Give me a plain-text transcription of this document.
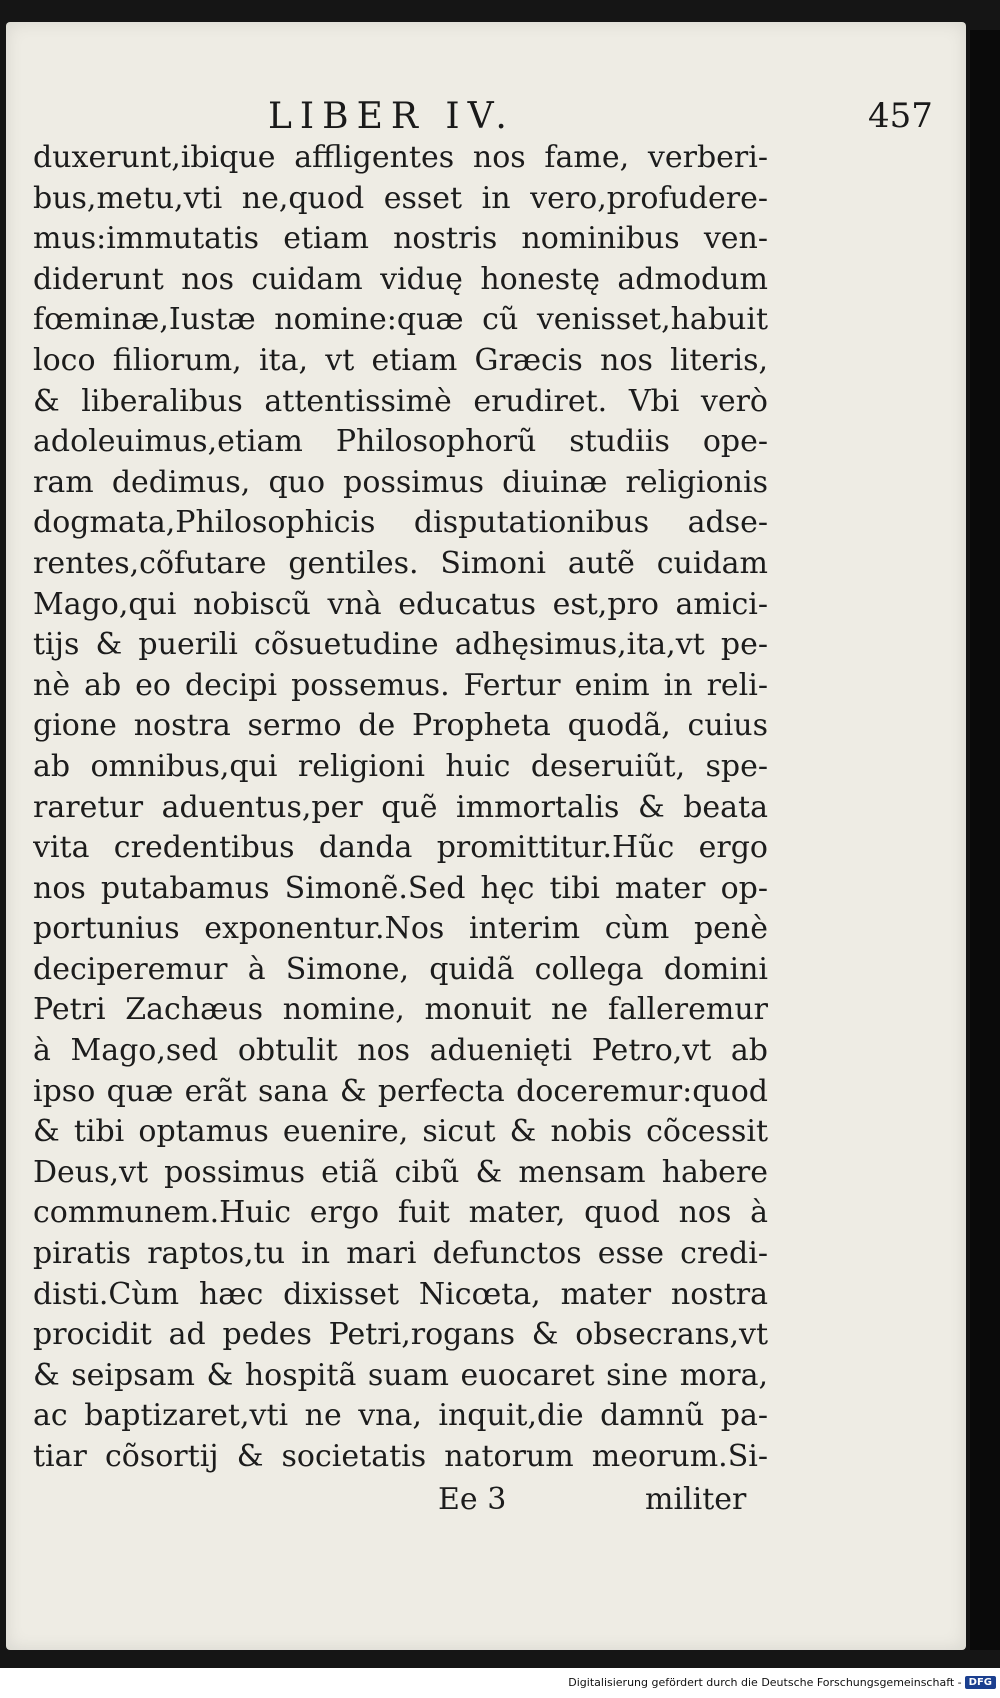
LIBER IV.	457
duxerunt,ibique affligentes nos fame, verberi-
bus,metu,vti ne,quod esset in vero,profudere-
mus:immutatis etiam nostris nominibus ven-
diderunt nos cuidam viduę honestę admodum
fœminæ,Iustæ nomine:quæ cũ venisset,habuit
loco filiorum, ita, vt etiam Græcis nos literis,
& liberalibus attentissimè erudiret. Vbi verò
adoleuimus,etiam Philosophorũ studiis ope-
ram dedimus, quo possimus diuinæ religionis
dogmata,Philosophicis disputationibus adse-
rentes,cõfutare gentiles. Simoni autẽ cuidam
Mago,qui nobiscũ vnà educatus est,pro amici-
tijs & puerili cõsuetudine adhęsimus,ita,vt pe-
nè ab eo decipi possemus. Fertur enim in reli-
gione nostra sermo de Propheta quodã, cuius
ab omnibus,qui religioni huic deseruiũt, spe-
raretur aduentus,per quẽ immortalis & beata
vita credentibus danda promittitur.Hũc ergo
nos putabamus Simonẽ.Sed hęc tibi mater op-
portunius exponentur.Nos interim cùm penè
deciperemur à Simone, quidã collega domini
Petri Zachæus nomine, monuit ne falleremur
à Mago,sed obtulit nos aduenięti Petro,vt ab
ipso quæ erãt sana & perfecta doceremur:quod
& tibi optamus euenire, sicut & nobis cõcessit
Deus,vt possimus etiã cibũ & mensam habere
communem.Huic ergo fuit mater, quod nos à
piratis raptos,tu in mari defunctos esse credi-
disti.Cùm hæc dixisset Nicœta, mater nostra
procidit ad pedes Petri,rogans & obsecrans,vt
& seipsam & hospitã suam euocaret sine mora,
ac baptizaret,vti ne vna, inquit,die damnũ pa-
tiar cõsortij & societatis natorum meorum.Si-
Ee 3	militer
Digitalisierung gefördert durch die Deutsche Forschungsgemeinschaft - DFG
